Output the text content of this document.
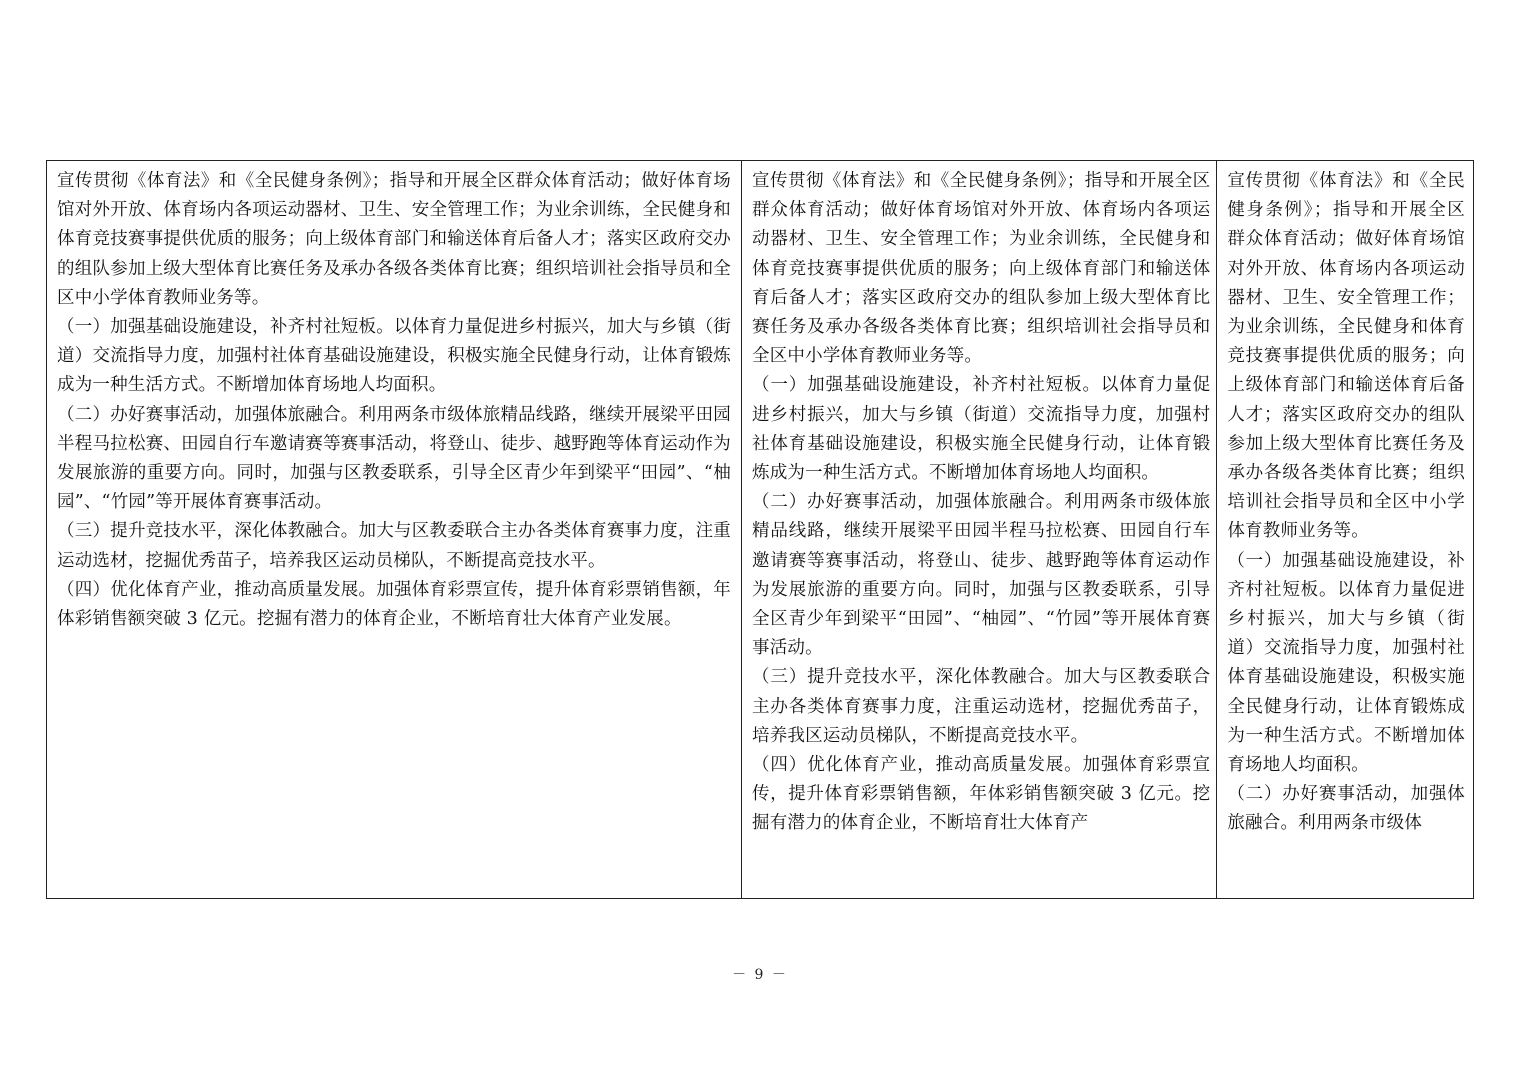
宣传贯彻《体育法》和《全民健身条例》；指导和开展全区群众体育活动；做好体育场馆对外开放、体育场内各项运动器材、卫生、安全管理工作；为业余训练，全民健身和体育竞技赛事提供优质的服务；向上级体育部门和输送体育后备人才；落实区政府交办的组队参加上级大型体育比赛任务及承办各级各类体育比赛；组织培训社会指导员和全区中小学体育教师业务等。
（一）加强基础设施建设，补齐村社短板。以体育力量促进乡村振兴，加大与乡镇（街道）交流指导力度，加强村社体育基础设施建设，积极实施全民健身行动，让体育锻炼成为一种生活方式。不断增加体育场地人均面积。
（二）办好赛事活动，加强体旅融合。利用两条市级体旅精品线路，继续开展梁平田园半程马拉松赛、田园自行车邀请赛等赛事活动，将登山、徒步、越野跑等体育运动作为发展旅游的重要方向。同时，加强与区教委联系，引导全区青少年到梁平“田园”、“柚园”、“竹园”等开展体育赛事活动。
（三）提升竞技水平，深化体教融合。加大与区教委联合主办各类体育赛事力度，注重运动选材，挖掘优秀苗子，培养我区运动员梯队，不断提高竞技水平。
（四）优化体育产业，推动高质量发展。加强体育彩票宣传，提升体育彩票销售额，年体彩销售额突破 3 亿元。挖掘有潜力的体育企业，不断培育壮大体育产业发展。
宣传贯彻《体育法》和《全民健身条例》；指导和开展全区群众体育活动；做好体育场馆对外开放、体育场内各项运动器材、卫生、安全管理工作；为业余训练，全民健身和体育竞技赛事提供优质的服务；向上级体育部门和输送体育后备人才；落实区政府交办的组队参加上级大型体育比赛任务及承办各级各类体育比赛；组织培训社会指导员和全区中小学体育教师业务等。
（一）加强基础设施建设，补齐村社短板。以体育力量促进乡村振兴，加大与乡镇（街道）交流指导力度，加强村社体育基础设施建设，积极实施全民健身行动，让体育锻炼成为一种生活方式。不断增加体育场地人均面积。
（二）办好赛事活动，加强体旅融合。利用两条市级体旅精品线路，继续开展梁平田园半程马拉松赛、田园自行车邀请赛等赛事活动，将登山、徒步、越野跑等体育运动作为发展旅游的重要方向。同时，加强与区教委联系，引导全区青少年到梁平“田园”、“柚园”、“竹园”等开展体育赛事活动。
（三）提升竞技水平，深化体教融合。加大与区教委联合主办各类体育赛事力度，注重运动选材，挖掘优秀苗子，培养我区运动员梯队，不断提高竞技水平。
（四）优化体育产业，推动高质量发展。加强体育彩票宣传，提升体育彩票销售额，年体彩销售额突破 3 亿元。挖掘有潜力的体育企业，不断培育壮大体育产
宣传贯彻《体育法》和《全民健身条例》；指导和开展全区群众体育活动；做好体育场馆对外开放、体育场内各项运动器材、卫生、安全管理工作；为业余训练，全民健身和体育竞技赛事提供优质的服务；向上级体育部门和输送体育后备人才；落实区政府交办的组队参加上级大型体育比赛任务及承办各级各类体育比赛；组织培训社会指导员和全区中小学体育教师业务等。
（一）加强基础设施建设，补齐村社短板。以体育力量促进乡村振兴，加大与乡镇（街道）交流指导力度，加强村社体育基础设施建设，积极实施全民健身行动，让体育锻炼成为一种生活方式。不断增加体育场地人均面积。
（二）办好赛事活动，加强体旅融合。利用两条市级体
－ 9 －
